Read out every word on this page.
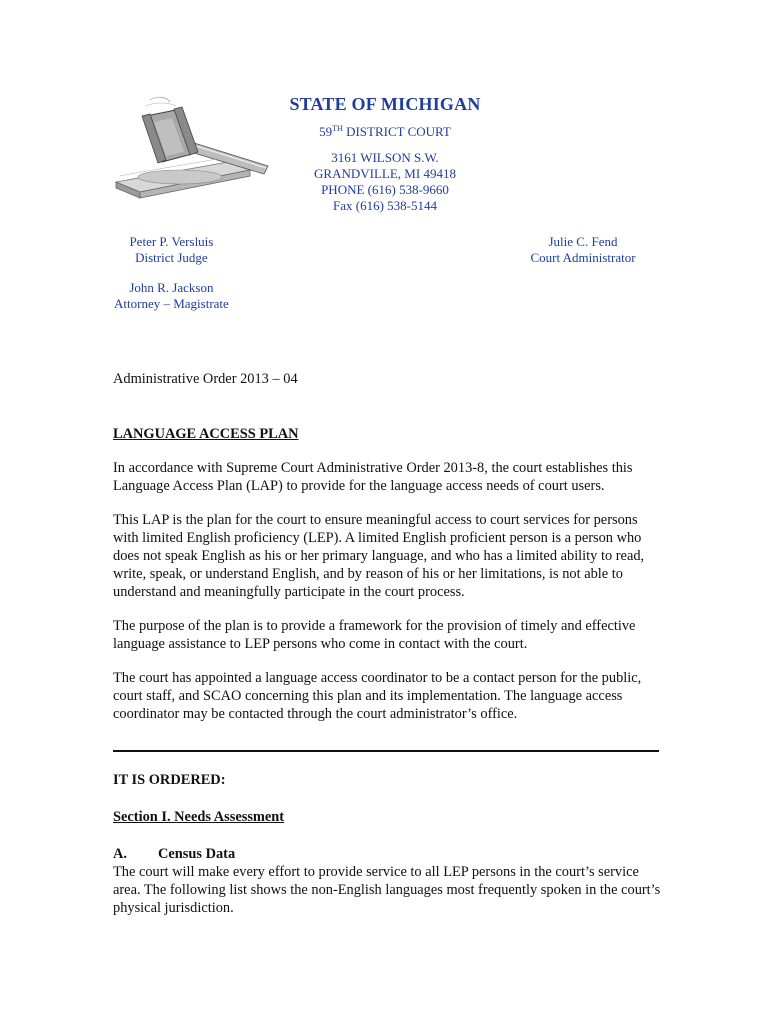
STATE OF MICHIGAN
59TH DISTRICT COURT
3161 WILSON S.W.
GRANDVILLE, MI 49418
PHONE (616) 538-9660
Fax (616) 538-5144
Peter P. Versluis
District Judge
John R. Jackson
Attorney – Magistrate
Julie C. Fend
Court Administrator

Administrative Order 2013 – 04

LANGUAGE ACCESS PLAN

In accordance with Supreme Court Administrative Order 2013-8, the court establishes this Language Access Plan (LAP) to provide for the language access needs of court users.

This LAP is the plan for the court to ensure meaningful access to court services for persons with limited English proficiency (LEP). A limited English proficient person is a person who does not speak English as his or her primary language, and who has a limited ability to read, write, speak, or understand English, and by reason of his or her limitations, is not able to understand and meaningfully participate in the court process.

The purpose of the plan is to provide a framework for the provision of timely and effective language assistance to LEP persons who come in contact with the court.

The court has appointed a language access coordinator to be a contact person for the public, court staff, and SCAO concerning this plan and its implementation. The language access coordinator may be contacted through the court administrator’s office.

IT IS ORDERED:

Section I. Needs Assessment

A. Census Data

The court will make every effort to provide service to all LEP persons in the court’s service area. The following list shows the non-English languages most frequently spoken in the court’s physical jurisdiction.
